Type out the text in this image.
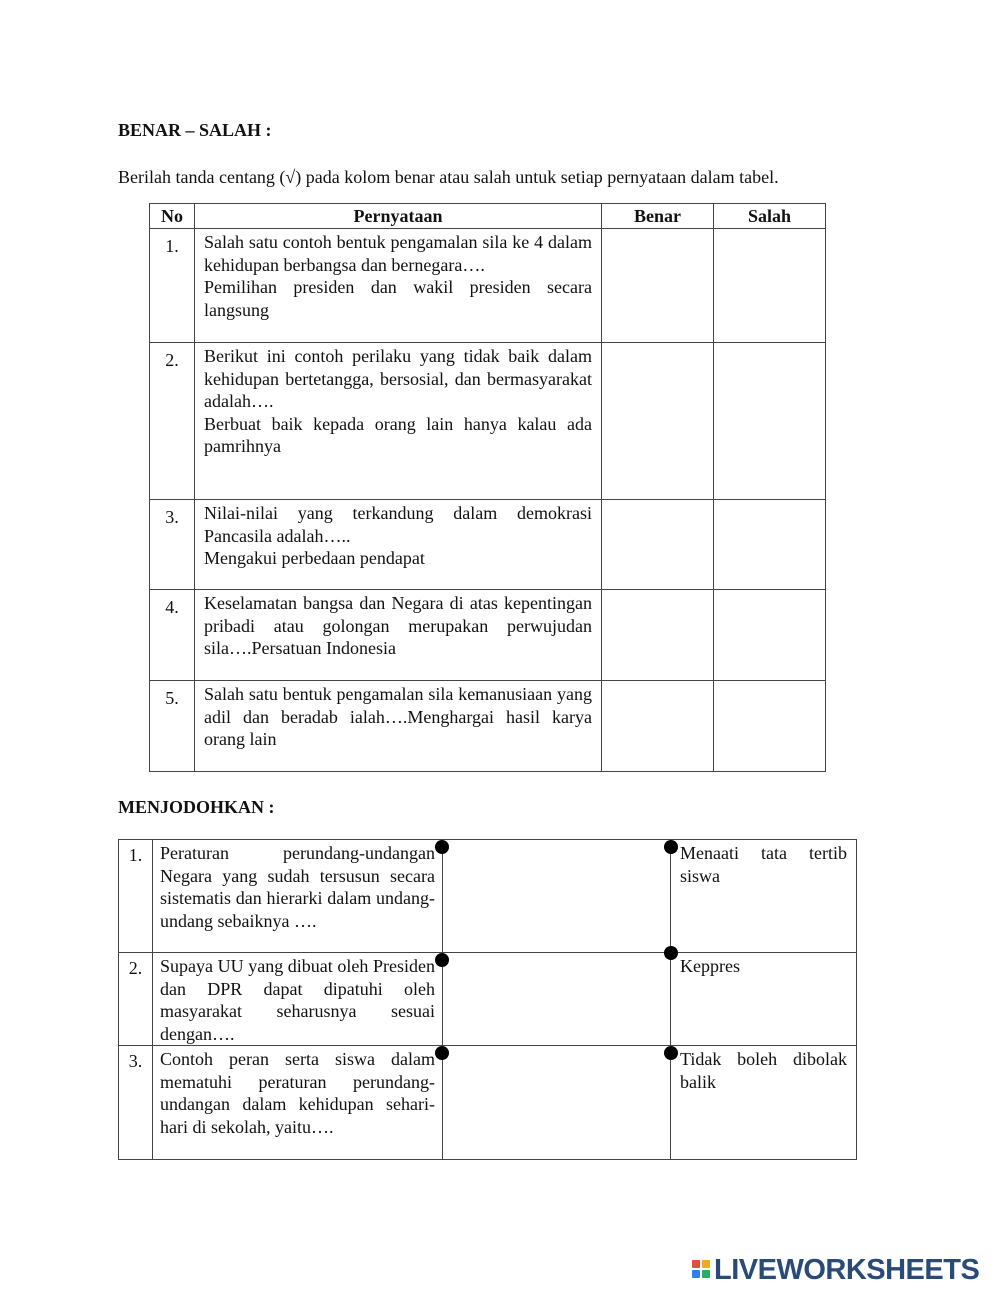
BENAR – SALAH :
Berilah tanda centang (√) pada kolom benar atau salah untuk setiap pernyataan dalam tabel.
No	Pernyataan	Benar	Salah
1.	Salah satu contoh bentuk pengamalan sila ke 4 dalam kehidupan berbangsa dan bernegara….
Pemilihan presiden dan wakil presiden secara langsung		

2.	Berikut ini contoh perilaku yang tidak baik dalam kehidupan bertetangga, bersosial, dan bermasyarakat adalah….
Berbuat baik kepada orang lain hanya kalau ada pamrihnya		

3.	Nilai-nilai yang terkandung dalam demokrasi Pancasila adalah…..
Mengakui perbedaan pendapat		

4.	Keselamatan bangsa dan Negara di atas kepentingan pribadi atau golongan merupakan perwujudan sila….Persatuan Indonesia		

5.	Salah satu bentuk pengamalan sila kemanusiaan yang adil dan beradab ialah….Menghargai hasil karya orang lain		

MENJODOHKAN :
1.	Peraturan perundang-undangan Negara yang sudah tersusun secara sistematis dan hierarki dalam undang-undang sebaiknya ….		Menaati tata tertib siswa
2.	Supaya UU yang dibuat oleh Presiden dan DPR dapat dipatuhi oleh masyarakat seharusnya sesuai dengan….		Keppres
3.	Contoh peran serta siswa dalam mematuhi peraturan perundang-undangan dalam kehidupan sehari-hari di sekolah, yaitu….		Tidak boleh dibolak balik
LIVEWORKSHEETS
